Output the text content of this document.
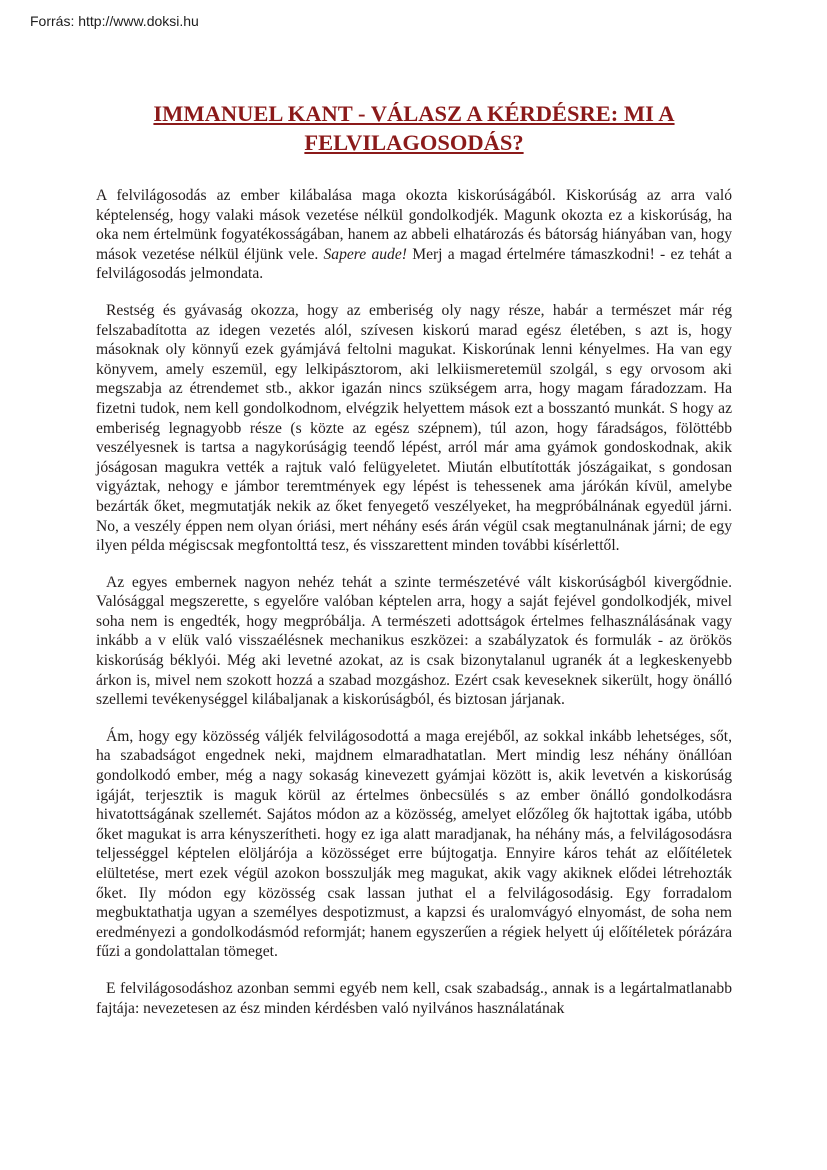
Forrás: http://www.doksi.hu
IMMANUEL KANT - VÁLASZ A KÉRDÉSRE: MI A FELVILAGOSODÁS?

A felvilágosodás az ember kilábalása maga okozta kiskorúságából. Kiskorúság az arra való képtelenség, hogy valaki mások vezetése nélkül gondolkodjék. Magunk okozta ez a kiskorúság, ha oka nem értelmünk fogyatékosságában, hanem az abbeli elhatározás és bátorság hiányában van, hogy mások vezetése nélkül éljünk vele. Sapere aude! Merj a magad értelmére támaszkodni! - ez tehát a felvilágosodás jelmondata.

Restség és gyávaság okozza, hogy az emberiség oly nagy része, habár a természet már rég felszabadította az idegen vezetés alól, szívesen kiskorú marad egész életében, s azt is, hogy másoknak oly könnyű ezek gyámjává feltolni magukat. Kiskorúnak lenni kényelmes. Ha van egy könyvem, amely eszemül, egy lelkipásztorom, aki lelkiismeretemül szolgál, s egy orvosom aki megszabja az étrendemet stb., akkor igazán nincs szükségem arra, hogy magam fáradozzam. Ha fizetni tudok, nem kell gondolkodnom, elvégzik helyettem mások ezt a bosszantó munkát. S hogy az emberiség legnagyobb része (s közte az egész szépnem), túl azon, hogy fáradságos, fölöttébb veszélyesnek is tartsa a nagykorúságig teendő lépést, arról már ama gyámok gondoskodnak, akik jóságosan magukra vették a rajtuk való felügyeletet. Miután elbutították jószágaikat, s gondosan vigyáztak, nehogy e jámbor teremtmények egy lépést is tehessenek ama járókán kívül, amelybe bezárták őket, megmutatják nekik az őket fenyegető veszélyeket, ha megpróbálnának egyedül járni. No, a veszély éppen nem olyan óriási, mert néhány esés árán végül csak megtanulnának járni; de egy ilyen példa mégiscsak megfontolttá tesz, és visszarettent minden további kísérlettől.

Az egyes embernek nagyon nehéz tehát a szinte természetévé vált kiskorúságból kivergődnie. Valósággal megszerette, s egyelőre valóban képtelen arra, hogy a saját fejével gondolkodjék, mivel soha nem is engedték, hogy megpróbálja. A természeti adottságok értelmes felhasználásának vagy inkább a v elük való visszaélésnek mechanikus eszközei: a szabályzatok és formulák - az örökös kiskorúság béklyói. Még aki levetné azokat, az is csak bizonytalanul ugranék át a legkeskenyebb árkon is, mivel nem szokott hozzá a szabad mozgáshoz. Ezért csak keveseknek sikerült, hogy önálló szellemi tevékenységgel kilábaljanak a kiskorúságból, és biztosan járjanak.

Ám, hogy egy közösség váljék felvilágosodottá a maga erejéből, az sokkal inkább lehetséges, sőt, ha szabadságot engednek neki, majdnem elmaradhatatlan. Mert mindig lesz néhány önállóan gondolkodó ember, még a nagy sokaság kinevezett gyámjai között is, akik levetvén a kiskorúság igáját, terjesztik is maguk körül az értelmes önbecsülés s az ember önálló gondolkodásra hivatottságának szellemét. Sajátos módon az a közösség, amelyet előzőleg ők hajtottak igába, utóbb őket magukat is arra kényszerítheti. hogy ez iga alatt maradjanak, ha néhány más, a felvilágosodásra teljességgel képtelen elöljárója a közösséget erre bújtogatja. Ennyire káros tehát az előítéletek elültetése, mert ezek végül azokon bosszulják meg magukat, akik vagy akiknek elődei létrehozták őket. Ily módon egy közösség csak lassan juthat el a felvilágosodásig. Egy forradalom megbuktathatja ugyan a személyes despotizmust, a kapzsi és uralomvágyó elnyomást, de soha nem eredményezi a gondolkodásmód reformját; hanem egyszerűen a régiek helyett új előítéletek pórázára fűzi a gondolattalan tömeget.

E felvilágosodáshoz azonban semmi egyéb nem kell, csak szabadság., annak is a legártalmatlanabb fajtája: nevezetesen az ész minden kérdésben való nyilvános használatának
